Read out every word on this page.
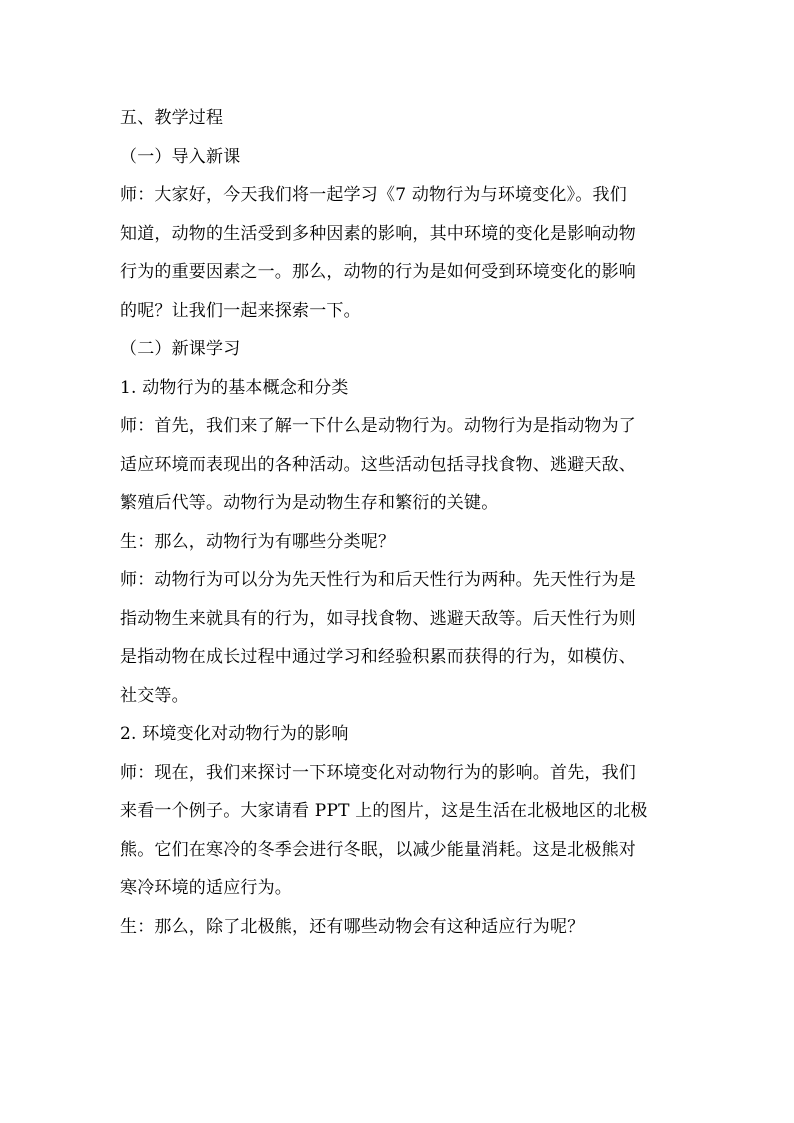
五、教学过程
（一）导入新课
师：大家好，今天我们将一起学习《7 动物行为与环境变化》。我们
知道，动物的生活受到多种因素的影响，其中环境的变化是影响动物
行为的重要因素之一。那么，动物的行为是如何受到环境变化的影响
的呢？让我们一起来探索一下。
（二）新课学习
1. 动物行为的基本概念和分类
师：首先，我们来了解一下什么是动物行为。动物行为是指动物为了
适应环境而表现出的各种活动。这些活动包括寻找食物、逃避天敌、
繁殖后代等。动物行为是动物生存和繁衍的关键。
生：那么，动物行为有哪些分类呢？
师：动物行为可以分为先天性行为和后天性行为两种。先天性行为是
指动物生来就具有的行为，如寻找食物、逃避天敌等。后天性行为则
是指动物在成长过程中通过学习和经验积累而获得的行为，如模仿、
社交等。
2. 环境变化对动物行为的影响
师：现在，我们来探讨一下环境变化对动物行为的影响。首先，我们
来看一个例子。大家请看 PPT 上的图片，这是生活在北极地区的北极
熊。它们在寒冷的冬季会进行冬眠，以减少能量消耗。这是北极熊对
寒冷环境的适应行为。
生：那么，除了北极熊，还有哪些动物会有这种适应行为呢？
